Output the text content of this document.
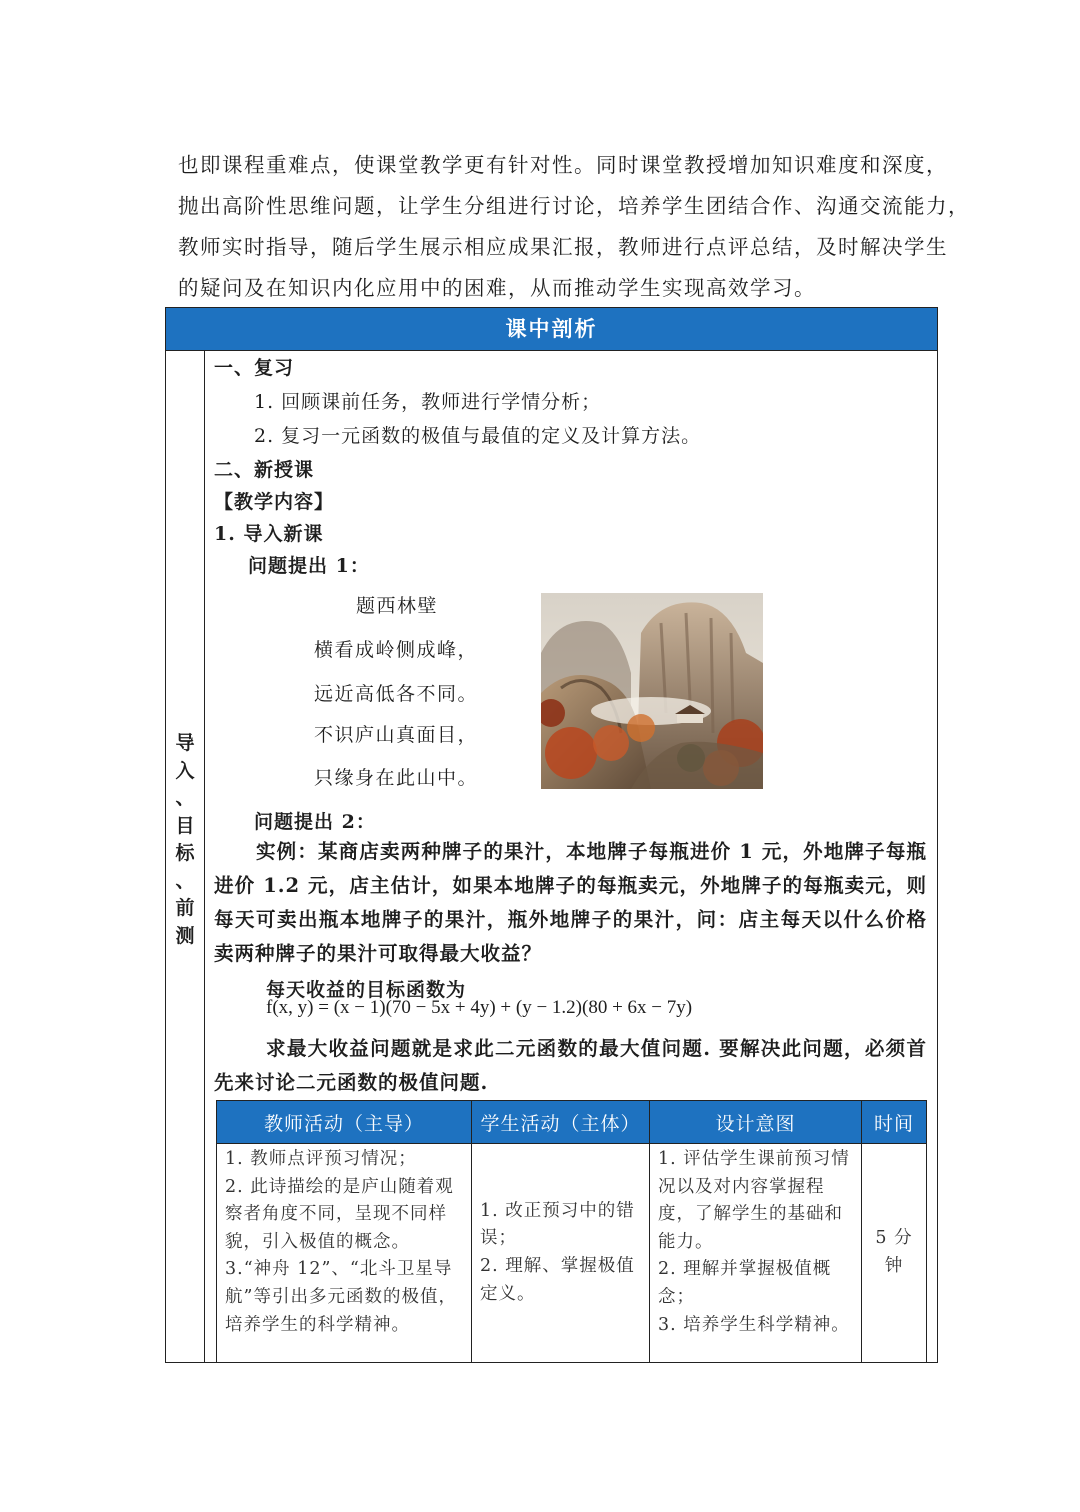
也即课程重难点，使课堂教学更有针对性。同时课堂教授增加知识难度和深度，

抛出高阶性思维问题，让学生分组进行讨论，培养学生团结合作、沟通交流能力，

教师实时指导，随后学生展示相应成果汇报，教师进行点评总结，及时解决学生

的疑问及在知识内化应用中的困难，从而推动学生实现高效学习。

课中剖析
导
入
、
目
标
、
前
测
一、复习
1. 回顾课前任务，教师进行学情分析；
2. 复习一元函数的极值与最值的定义及计算方法。
二、新授课
【教学内容】
1. 导入新课
问题提出 1：
题西林壁
横看成岭侧成峰，
远近高低各不同。
不识庐山真面目，
只缘身在此山中。
问题提出 2：
实例：某商店卖两种牌子的果汁，本地牌子每瓶进价 1 元，外地牌子每瓶进价 1.2 元，店主估计，如果本地牌子的每瓶卖元，外地牌子的每瓶卖元，则每天可卖出瓶本地牌子的果汁，瓶外地牌子的果汁，问：店主每天以什么价格卖两种牌子的果汁可取得最大收益？
每天收益的目标函数为
f(x, y) = (x − 1)(70 − 5x + 4y) + (y − 1.2)(80 + 6x − 7y)
求最大收益问题就是求此二元函数的最大值问题. 要解决此问题，必须首先来讨论二元函数的极值问题.
教师活动（主导）	学生活动（主体）	设计意图	时间

1. 教师点评预习情况；
2. 此诗描绘的是庐山随着观察者角度不同，呈现不同样貌，引入极值的概念。
3.“神舟 12”、“北斗卫星导航”等引出多元函数的极值，培养学生的科学精神。	1. 改正预习中的错误；
2. 理解、掌握极值定义。	1. 评估学生课前预习情况以及对内容掌握程度，了解学生的基础和能力。
2. 理解并掌握极值概念；
3. 培养学生科学精神。	5 分钟
